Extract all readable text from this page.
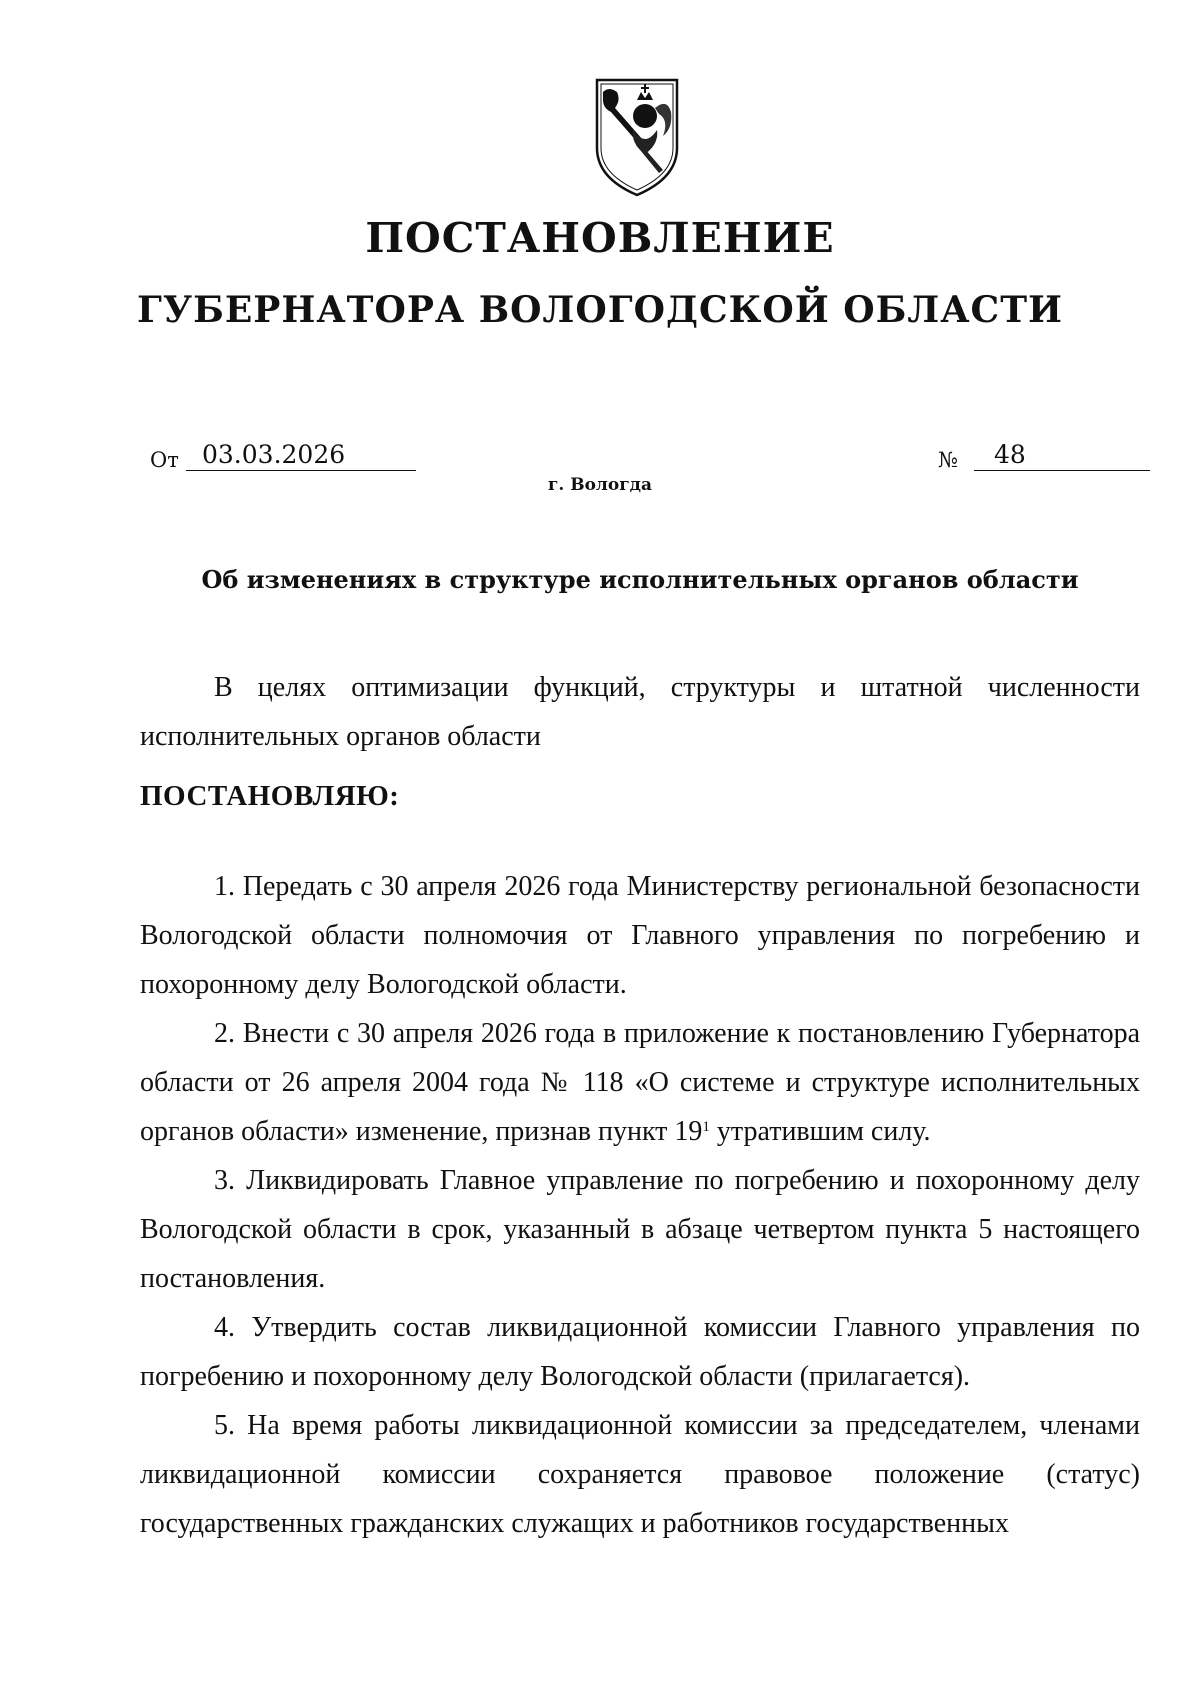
ПОСТАНОВЛЕНИЕ
ГУБЕРНАТОРА ВОЛОГОДСКОЙ ОБЛАСТИ
От 03.03.2026	№	48
г. Вологда
Об изменениях в структуре исполнительных органов области
В целях оптимизации функций, структуры и штатной численности исполнительных органов области
ПОСТАНОВЛЯЮ:

1. Передать с 30 апреля 2026 года Министерству региональной безопасности Вологодской области полномочия от Главного управления по погребению и похоронному делу Вологодской области.

2. Внести с 30 апреля 2026 года в приложение к постановлению Губернатора области от 26 апреля 2004 года № 118 «О системе и структуре исполнительных органов области» изменение, признав пункт $19^1$ утратившим силу.

3. Ликвидировать Главное управление по погребению и похоронному делу Вологодской области в срок, указанный в абзаце четвертом пункта 5 настоящего постановления.

4. Утвердить состав ликвидационной комиссии Главного управления по погребению и похоронному делу Вологодской области (прилагается).

5. На время работы ликвидационной комиссии за председателем, членами ликвидационной комиссии сохраняется правовое положение (статус) государственных гражданских служащих и работников государственных
